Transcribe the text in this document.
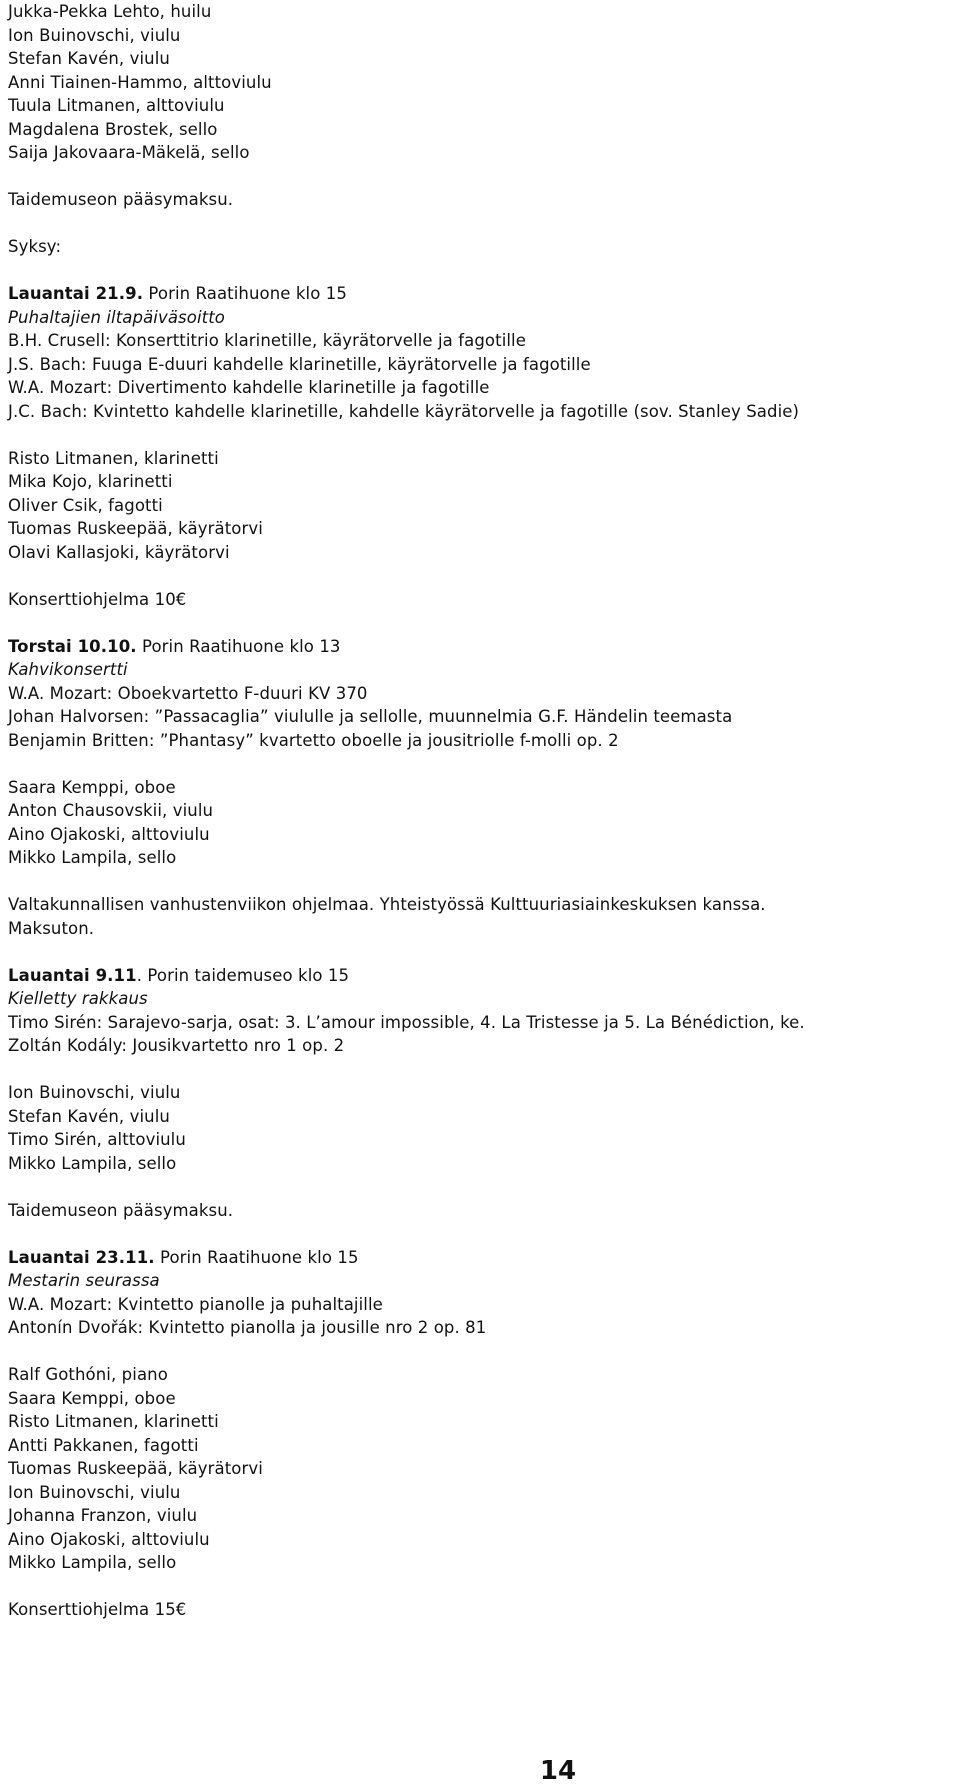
Jukka-Pekka Lehto, huilu
Ion Buinovschi, viulu
Stefan Kavén, viulu
Anni Tiainen-Hammo, alttoviulu
Tuula Litmanen, alttoviulu
Magdalena Brostek, sello
Saija Jakovaara-Mäkelä, sello
Taidemuseon pääsymaksu.
Syksy:
Lauantai 21.9. Porin Raatihuone klo 15
Puhaltajien iltapäiväsoitto
B.H. Crusell: Konserttitrio klarinetille, käyrätorvelle ja fagotille
J.S. Bach: Fuuga E-duuri kahdelle klarinetille, käyrätorvelle ja fagotille
W.A. Mozart: Divertimento kahdelle klarinetille ja fagotille
J.C. Bach: Kvintetto kahdelle klarinetille, kahdelle käyrätorvelle ja fagotille (sov. Stanley Sadie)
Risto Litmanen, klarinetti
Mika Kojo, klarinetti
Oliver Csik, fagotti
Tuomas Ruskeepää, käyrätorvi
Olavi Kallasjoki, käyrätorvi
Konserttiohjelma 10€
Torstai 10.10. Porin Raatihuone klo 13
Kahvikonsertti
W.A. Mozart: Oboekvartetto F-duuri KV 370
Johan Halvorsen: ”Passacaglia” viululle ja sellolle, muunnelmia G.F. Händelin teemasta
Benjamin Britten: ”Phantasy” kvartetto oboelle ja jousitriolle f-molli op. 2
Saara Kemppi, oboe
Anton Chausovskii, viulu
Aino Ojakoski, alttoviulu
Mikko Lampila, sello
Valtakunnallisen vanhustenviikon ohjelmaa. Yhteistyössä Kulttuuriasiainkeskuksen kanssa.
Maksuton.
Lauantai 9.11. Porin taidemuseo klo 15
Kielletty rakkaus
Timo Sirén: Sarajevo-sarja, osat: 3. L’amour impossible, 4. La Tristesse ja 5. La Bénédiction, ke.
Zoltán Kodály: Jousikvartetto nro 1 op. 2
Ion Buinovschi, viulu
Stefan Kavén, viulu
Timo Sirén, alttoviulu
Mikko Lampila, sello
Taidemuseon pääsymaksu.
Lauantai 23.11. Porin Raatihuone klo 15
Mestarin seurassa
W.A. Mozart: Kvintetto pianolle ja puhaltajille
Antonín Dvořák: Kvintetto pianolla ja jousille nro 2 op. 81
Ralf Gothóni, piano
Saara Kemppi, oboe
Risto Litmanen, klarinetti
Antti Pakkanen, fagotti
Tuomas Ruskeepää, käyrätorvi
Ion Buinovschi, viulu
Johanna Franzon, viulu
Aino Ojakoski, alttoviulu
Mikko Lampila, sello
Konserttiohjelma 15€
14
